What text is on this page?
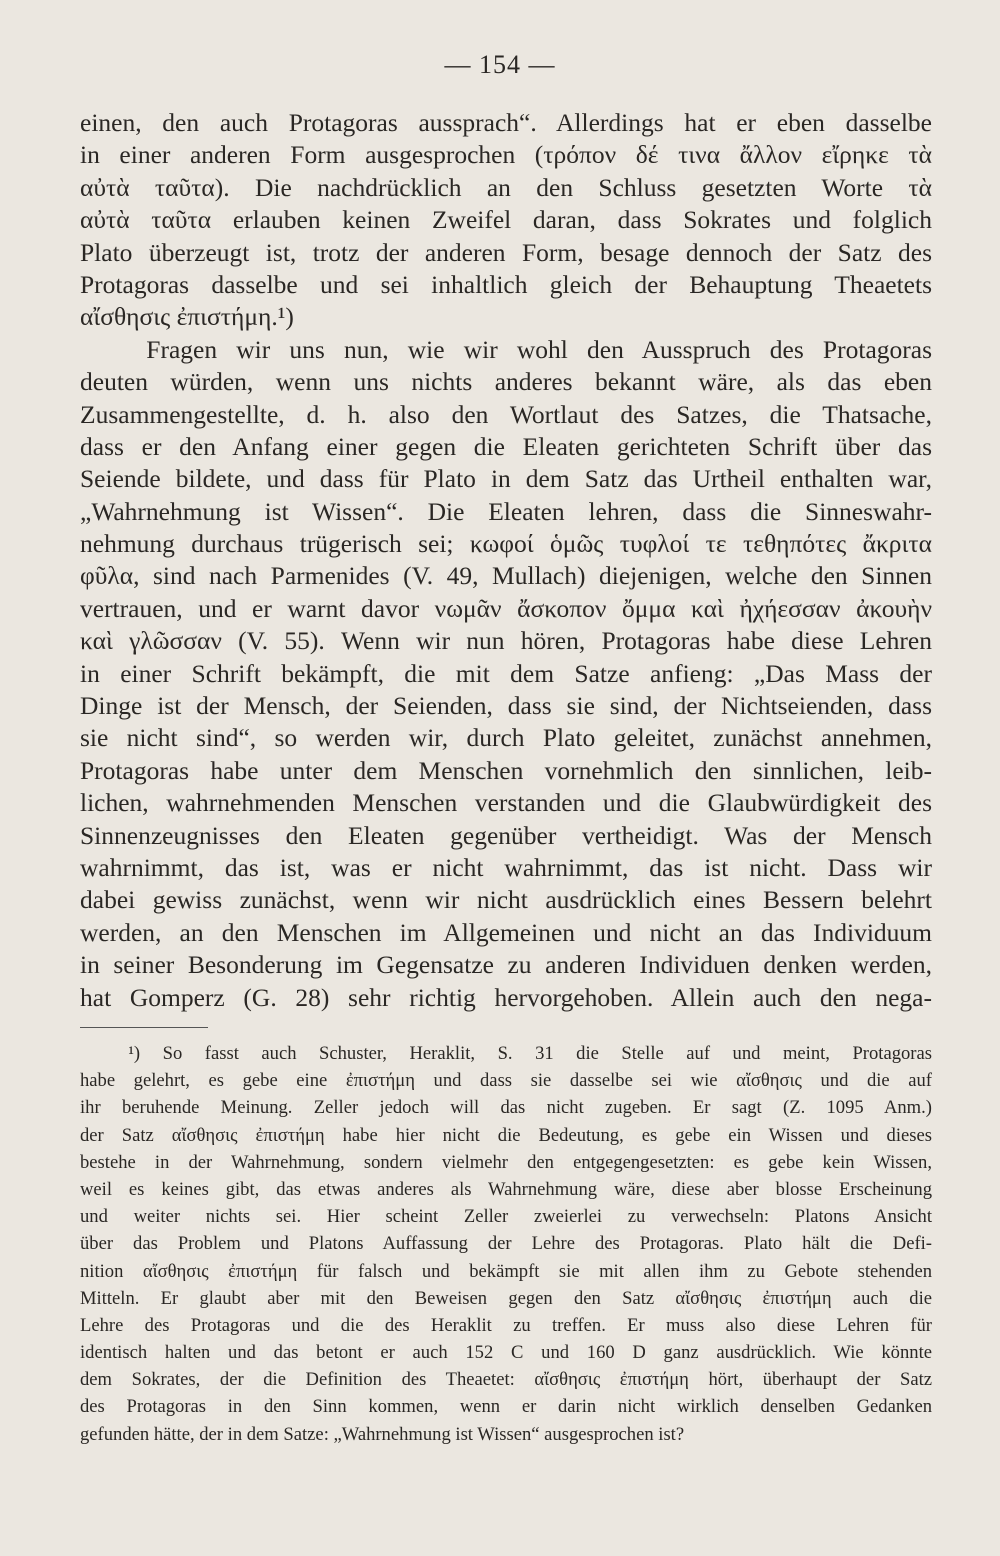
— 154 —
einen, den auch Protagoras aussprach“. Allerdings hat er eben dasselbe
in einer anderen Form ausgesprochen (τρόπον δέ τινα ἄλλον εἴρηκε τὰ
αὐτὰ ταῦτα). Die nachdrücklich an den Schluss gesetzten Worte τὰ
αὐτὰ ταῦτα erlauben keinen Zweifel daran, dass Sokrates und folglich
Plato überzeugt ist, trotz der anderen Form, besage dennoch der Satz des
Protagoras dasselbe und sei inhaltlich gleich der Behauptung Theaetets
αἴσθησις ἐπιστήμη.¹)
Fragen wir uns nun, wie wir wohl den Ausspruch des Protagoras
deuten würden, wenn uns nichts anderes bekannt wäre, als das eben
Zusammengestellte, d. h. also den Wortlaut des Satzes, die Thatsache,
dass er den Anfang einer gegen die Eleaten gerichteten Schrift über das
Seiende bildete, und dass für Plato in dem Satz das Urtheil enthalten war,
„Wahrnehmung ist Wissen“. Die Eleaten lehren, dass die Sinneswahr-
nehmung durchaus trügerisch sei; κωφοί ὁμῶς τυφλοί τε τεθηπότες ἄκριτα
φῦλα, sind nach Parmenides (V. 49, Mullach) diejenigen, welche den Sinnen
vertrauen, und er warnt davor νωμᾶν ἄσκοπον ὄμμα καὶ ἠχήεσσαν ἀκουὴν
καὶ γλῶσσαν (V. 55). Wenn wir nun hören, Protagoras habe diese Lehren
in einer Schrift bekämpft, die mit dem Satze anfieng: „Das Mass der
Dinge ist der Mensch, der Seienden, dass sie sind, der Nichtseienden, dass
sie nicht sind“, so werden wir, durch Plato geleitet, zunächst annehmen,
Protagoras habe unter dem Menschen vornehmlich den sinnlichen, leib-
lichen, wahrnehmenden Menschen verstanden und die Glaubwürdigkeit des
Sinnenzeugnisses den Eleaten gegenüber vertheidigt. Was der Mensch
wahrnimmt, das ist, was er nicht wahrnimmt, das ist nicht. Dass wir
dabei gewiss zunächst, wenn wir nicht ausdrücklich eines Bessern belehrt
werden, an den Menschen im Allgemeinen und nicht an das Individuum
in seiner Besonderung im Gegensatze zu anderen Individuen denken werden,
hat Gomperz (G. 28) sehr richtig hervorgehoben. Allein auch den nega-
¹) So fasst auch Schuster, Heraklit, S. 31 die Stelle auf und meint, Protagoras
habe gelehrt, es gebe eine ἐπιστήμη und dass sie dasselbe sei wie αἴσθησις und die auf
ihr beruhende Meinung. Zeller jedoch will das nicht zugeben. Er sagt (Z. 1095 Anm.)
der Satz αἴσθησις ἐπιστήμη habe hier nicht die Bedeutung, es gebe ein Wissen und dieses
bestehe in der Wahrnehmung, sondern vielmehr den entgegengesetzten: es gebe kein Wissen,
weil es keines gibt, das etwas anderes als Wahrnehmung wäre, diese aber blosse Erscheinung
und weiter nichts sei. Hier scheint Zeller zweierlei zu verwechseln: Platons Ansicht
über das Problem und Platons Auffassung der Lehre des Protagoras. Plato hält die Defi-
nition αἴσθησις ἐπιστήμη für falsch und bekämpft sie mit allen ihm zu Gebote stehenden
Mitteln. Er glaubt aber mit den Beweisen gegen den Satz αἴσθησις ἐπιστήμη auch die
Lehre des Protagoras und die des Heraklit zu treffen. Er muss also diese Lehren für
identisch halten und das betont er auch 152 C und 160 D ganz ausdrücklich. Wie könnte
dem Sokrates, der die Definition des Theaetet: αἴσθησις ἐπιστήμη hört, überhaupt der Satz
des Protagoras in den Sinn kommen, wenn er darin nicht wirklich denselben Gedanken
gefunden hätte, der in dem Satze: „Wahrnehmung ist Wissen“ ausgesprochen ist?
